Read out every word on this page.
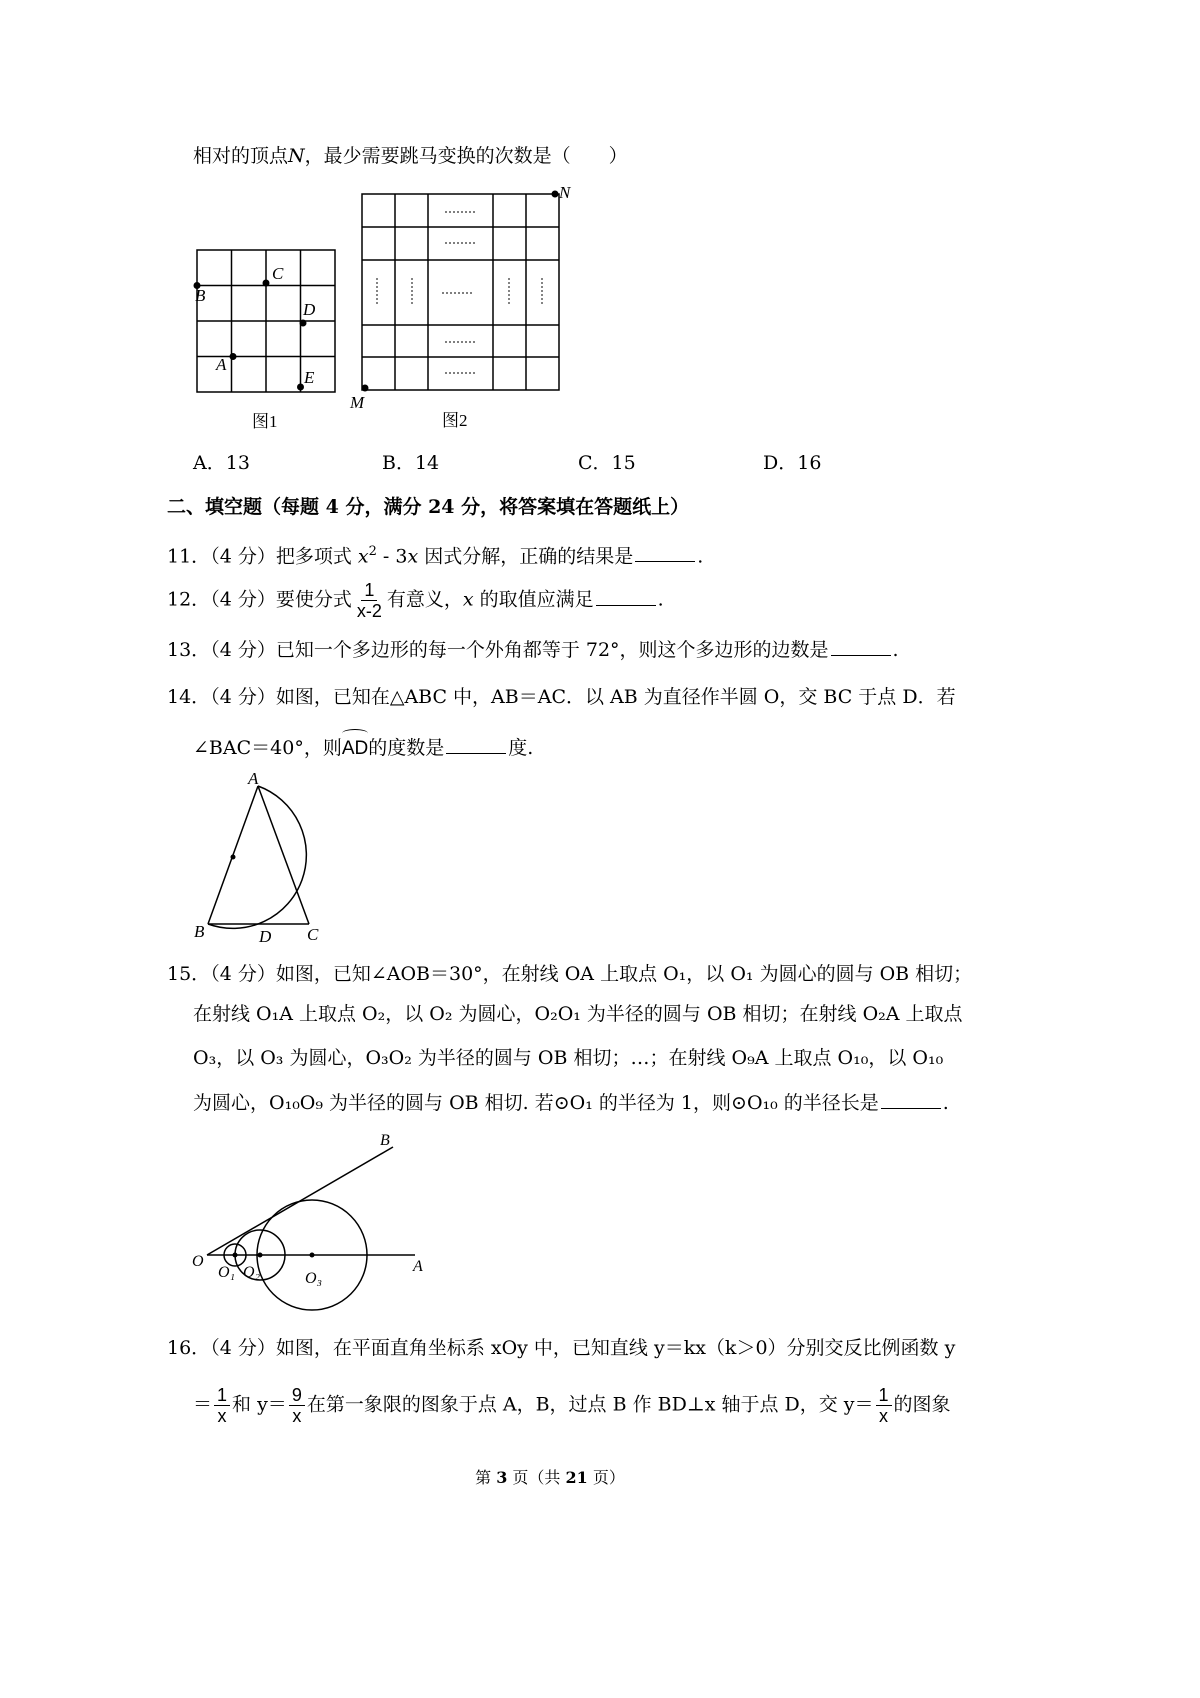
相对的顶点N，最少需要跳马变换的次数是（　　）
B
C
D
A
E
图1
N
M
图2
A．13	B．14	C．15	D．16
二、填空题（每题 4 分，满分 24 分，将答案填在答题纸上）
11．（4 分）把多项式 $x^2 - 3x$ 因式分解，正确的结果是	.
12．（4 分）要使分式 $\frac{1}{x-2}$ 有意义，x 的取值应满足	.
13．（4 分）已知一个多边形的每一个外角都等于 72°，则这个多边形的边数是	.
14．（4 分）如图，已知在△ABC 中，AB＝AC．以 AB 为直径作半圆 O，交 BC 于点 D．若
∠BAC＝40°，则
AD的度数是	度.
A
B	D C
15．（4 分）如图，已知∠AOB＝30°，在射线 OA 上取点 O₁，以 O₁ 为圆心的圆与 OB 相切；
在射线 O₁A 上取点 O₂，以 O₂ 为圆心，O₂O₁ 为半径的圆与 OB 相切；在射线 O₂A 上取点
O₃，以 O₃ 为圆心，O₃O₂ 为半径的圆与 OB 相切；…；在射线 O₉A 上取点 O₁₀，以 O₁₀
为圆心，O₁₀O₉ 为半径的圆与 OB 相切. 若⊙O₁ 的半径为 1，则⊙O₁₀ 的半径长是	.
O
O₁ O₂	O₃
A
B
16．（4 分）如图，在平面直角坐标系 xOy 中，已知直线 y＝kx（k＞0）分别交反比例函数 y
＝ $\frac{1}{x}$ 和 $y= \frac{9}{x}$ 在第一象限的图象于点 A，B，过点 B 作 BD⊥x 轴于点 D，交 $y= \frac{1}{x}$ 的图象
第 3 页（共 21 页）
